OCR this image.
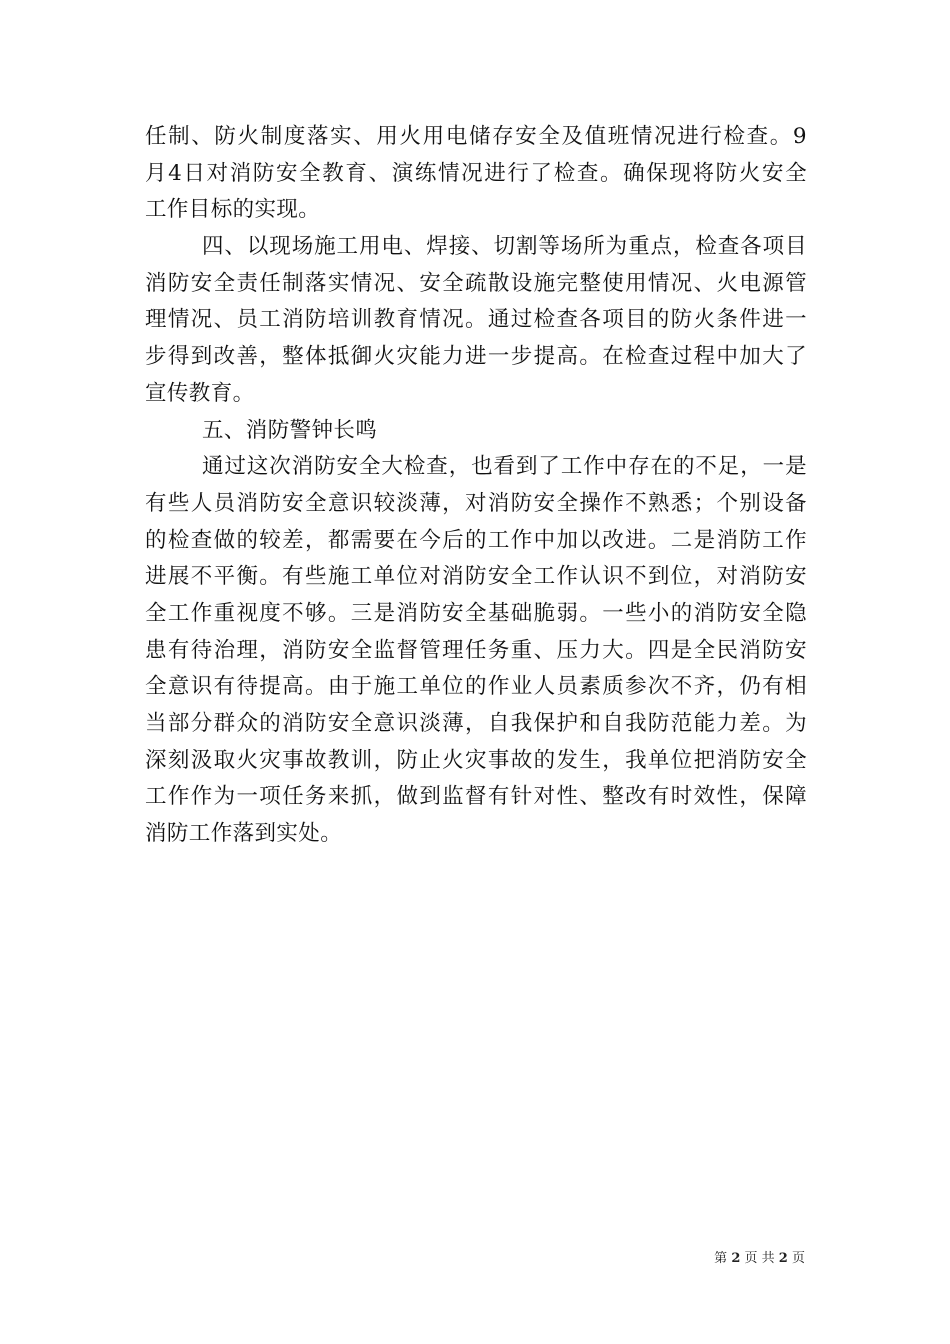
任制、防火制度落实、用火用电储存安全及值班情况进行检查。9
月4日对消防安全教育、演练情况进行了检查。确保现将防火安全
工作目标的实现。
四、以现场施工用电、焊接、切割等场所为重点，检查各项目
消防安全责任制落实情况、安全疏散设施完整使用情况、火电源管
理情况、员工消防培训教育情况。通过检查各项目的防火条件进一
步得到改善，整体抵御火灾能力进一步提高。在检查过程中加大了
宣传教育。
五、消防警钟长鸣
通过这次消防安全大检查，也看到了工作中存在的不足，一是
有些人员消防安全意识较淡薄，对消防安全操作不熟悉；个别设备
的检查做的较差，都需要在今后的工作中加以改进。二是消防工作
进展不平衡。有些施工单位对消防安全工作认识不到位，对消防安
全工作重视度不够。三是消防安全基础脆弱。一些小的消防安全隐
患有待治理，消防安全监督管理任务重、压力大。四是全民消防安
全意识有待提高。由于施工单位的作业人员素质参次不齐，仍有相
当部分群众的消防安全意识淡薄，自我保护和自我防范能力差。为
深刻汲取火灾事故教训，防止火灾事故的发生，我单位把消防安全
工作作为一项任务来抓，做到监督有针对性、整改有时效性，保障
消防工作落到实处。
第 2 页 共 2 页
